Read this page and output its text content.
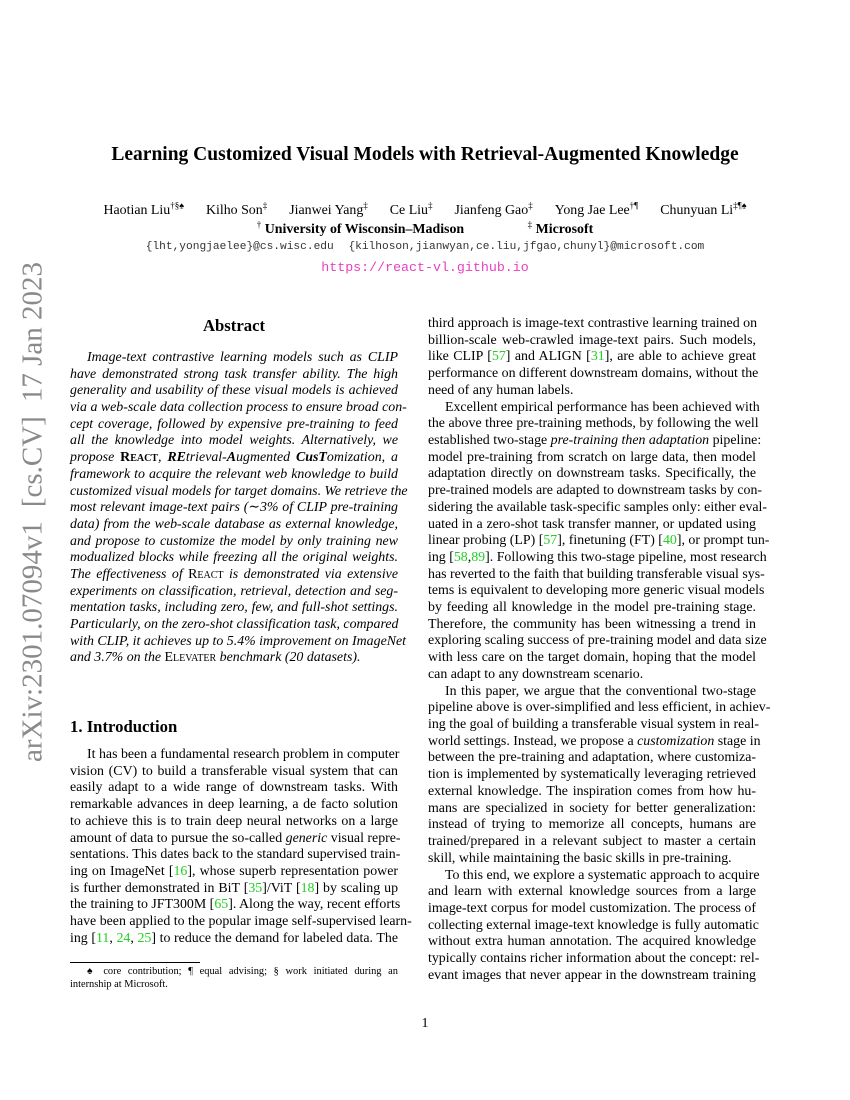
Learning Customized Visual Models with Retrieval-Augmented Knowledge
Haotian Liu†§♠ Kilho Son‡ Jianwei Yang‡ Ce Liu‡ Jianfeng Gao‡ Yong Jae Lee†¶ Chunyuan Li‡¶♠
† University of Wisconsin–Madison	‡ Microsoft
{lht,yongjaelee}@cs.wisc.edu {kilhoson,jianwyan,ce.liu,jfgao,chunyl}@microsoft.com
https://react-vl.github.io
arXiv:2301.07094v1[cs.CV]17 Jan 2023	Abstract
Image-text contrastive learning models such as CLIP
have demonstrated strong task transfer ability. The high
generality and usability of these visual models is achieved
via a web-scale data collection process to ensure broad con-
cept coverage, followed by expensive pre-training to feed
all the knowledge into model weights. Alternatively, we
propose React, REtrieval-Augmented CusTomization, a
framework to acquire the relevant web knowledge to build
customized visual models for target domains. We retrieve the
most relevant image-text pairs (∼3% of CLIP pre-training
data) from the web-scale database as external knowledge,
and propose to customize the model by only training new
modualized blocks while freezing all the original weights.
The effectiveness of React is demonstrated via extensive
experiments on classification, retrieval, detection and seg-
mentation tasks, including zero, few, and full-shot settings.
Particularly, on the zero-shot classification task, compared
with CLIP, it achieves up to 5.4% improvement on ImageNet
and 3.7% on the Elevater benchmark (20 datasets).
1. Introduction
It has been a fundamental research problem in computer
vision (CV) to build a transferable visual system that can
easily adapt to a wide range of downstream tasks. With
remarkable advances in deep learning, a de facto solution
to achieve this is to train deep neural networks on a large
amount of data to pursue the so-called generic visual repre-
sentations. This dates back to the standard supervised train-
ing on ImageNet [16], whose superb representation power
is further demonstrated in BiT [35]/ViT [18] by scaling up
the training to JFT300M [65]. Along the way, recent efforts
have been applied to the popular image self-supervised learn-
ing [11, 24, 25] to reduce the demand for labeled data. The
third approach is image-text contrastive learning trained on
billion-scale web-crawled image-text pairs. Such models,
like CLIP [57] and ALIGN [31], are able to achieve great
performance on different downstream domains, without the
need of any human labels.
Excellent empirical performance has been achieved with
the above three pre-training methods, by following the well
established two-stage pre-training then adaptation pipeline:
model pre-training from scratch on large data, then model
adaptation directly on downstream tasks. Specifically, the
pre-trained models are adapted to downstream tasks by con-
sidering the available task-specific samples only: either eval-
uated in a zero-shot task transfer manner, or updated using
linear probing (LP) [57], finetuning (FT) [40], or prompt tun-
ing [58,89]. Following this two-stage pipeline, most research
has reverted to the faith that building transferable visual sys-
tems is equivalent to developing more generic visual models
by feeding all knowledge in the model pre-training stage.
Therefore, the community has been witnessing a trend in
exploring scaling success of pre-training model and data size
with less care on the target domain, hoping that the model
can adapt to any downstream scenario.
In this paper, we argue that the conventional two-stage
pipeline above is over-simplified and less efficient, in achiev-
ing the goal of building a transferable visual system in real-
world settings. Instead, we propose a customization stage in
between the pre-training and adaptation, where customiza-
tion is implemented by systematically leveraging retrieved
external knowledge. The inspiration comes from how hu-
mans are specialized in society for better generalization:
instead of trying to memorize all concepts, humans are
trained/prepared in a relevant subject to master a certain
skill, while maintaining the basic skills in pre-training.
To this end, we explore a systematic approach to acquire
and learn with external knowledge sources from a large
image-text corpus for model customization. The process of
collecting external image-text knowledge is fully automatic
without extra human annotation. The acquired knowledge
typically contains richer information about the concept: rel-
evant images that never appear in the downstream training
♠ core contribution; ¶ equal advising; § work initiated during an
internship at Microsoft.
1
